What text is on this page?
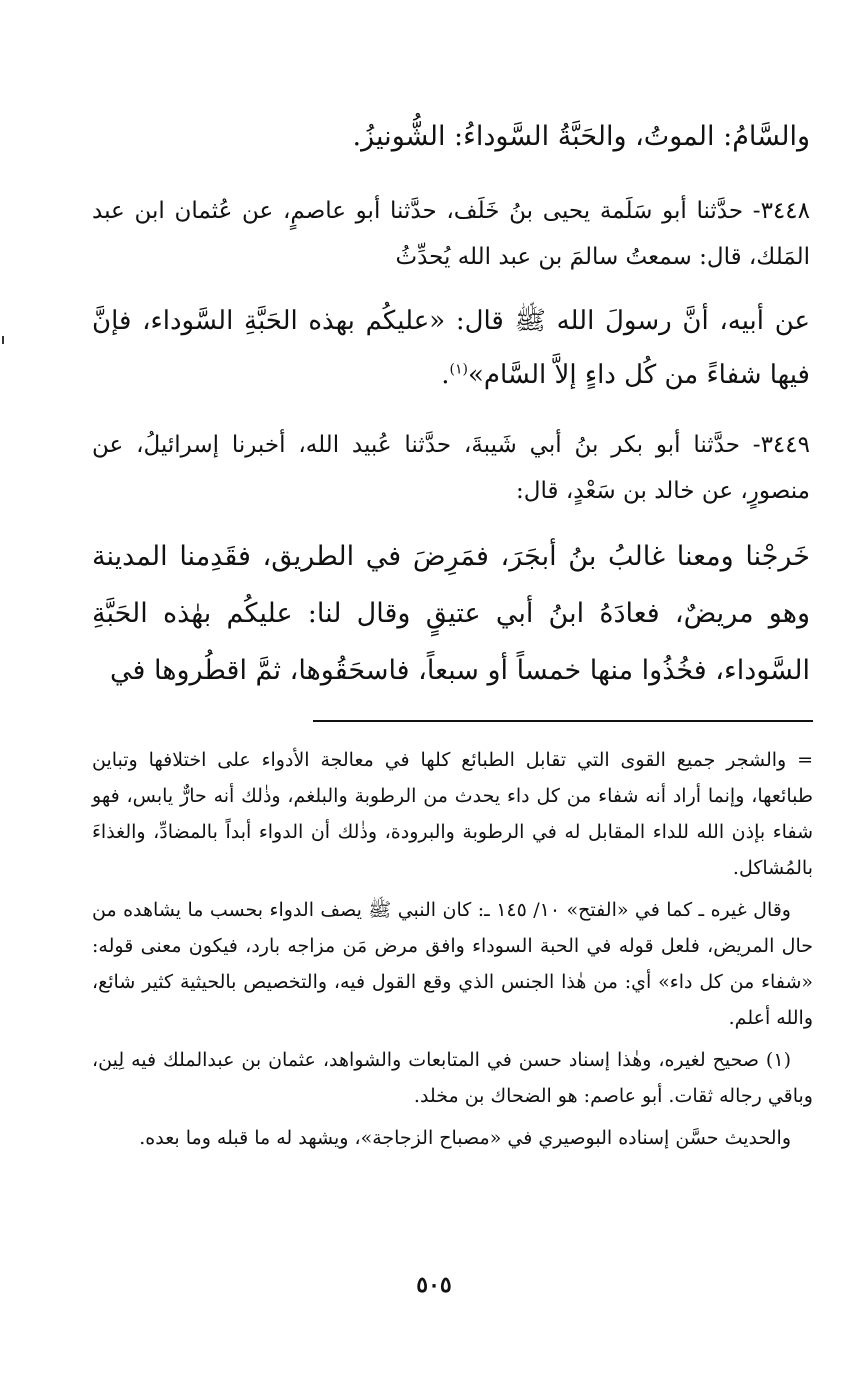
والسَّامُ: الموتُ، والحَبَّةُ السَّوداءُ: الشُّونيزُ.

٣٤٤٨- حدَّثنا أبو سَلَمة يحيى بنُ خَلَف، حدَّثنا أبو عاصمٍ، عن عُثمان ابن عبد المَلك، قال: سمعتُ سالمَ بن عبد الله يُحدِّثُ

عن أبيه، أنَّ رسولَ الله ﷺ قال: «عليكُم بهذه الحَبَّةِ السَّوداء، فإنَّ فيها شفاءً من كُل داءٍ إلاَّ السَّام»$^{(١)}$.

٣٤٤٩- حدَّثنا أبو بكر بنُ أبي شَيبةَ، حدَّثنا عُبيد الله، أخبرنا إسرائيلُ، عن منصورٍ، عن خالد بن سَعْدٍ، قال:

خَرجْنا ومعنا غالبُ بنُ أبجَرَ، فمَرِضَ في الطريق، فقَدِمنا المدينة وهو مريضٌ، فعادَهُ ابنُ أبي عتيقٍ وقال لنا: عليكُم بهٰذه الحَبَّةِ السَّوداء، فخُذُوا منها خمساً أو سبعاً، فاسحَقُوها، ثمَّ اقطُروها في

= والشجر جميع القوى التي تقابل الطبائع كلها في معالجة الأدواء على اختلافها وتباين طبائعها، وإنما أراد أنه شفاء من كل داء يحدث من الرطوبة والبلغم، وذٰلك أنه حارٌّ يابس، فهو شفاء بإذن الله للداء المقابل له في الرطوبة والبرودة، وذٰلك أن الدواء أبداً بالمضادِّ، والغذاءَ بالمُشاكل.

وقال غيره ـ كما في «الفتح» ١٠/ ١٤٥ ـ: كان النبي ﷺ يصف الدواء بحسب ما يشاهده من حال المريض، فلعل قوله في الحبة السوداء وافق مرض مَن مزاجه بارد، فيكون معنى قوله: «شفاء من كل داء» أي: من هٰذا الجنس الذي وقع القول فيه، والتخصيص بالحيثية كثير شائع، والله أعلم.

(١) صحيح لغيره، وهٰذا إسناد حسن في المتابعات والشواهد، عثمان بن عبدالملك فيه لِين، وباقي رجاله ثقات. أبو عاصم: هو الضحاك بن مخلد.

والحديث حسَّن إسناده البوصيري في «مصباح الزجاجة»، ويشهد له ما قبله وما بعده.

٥٠٥
